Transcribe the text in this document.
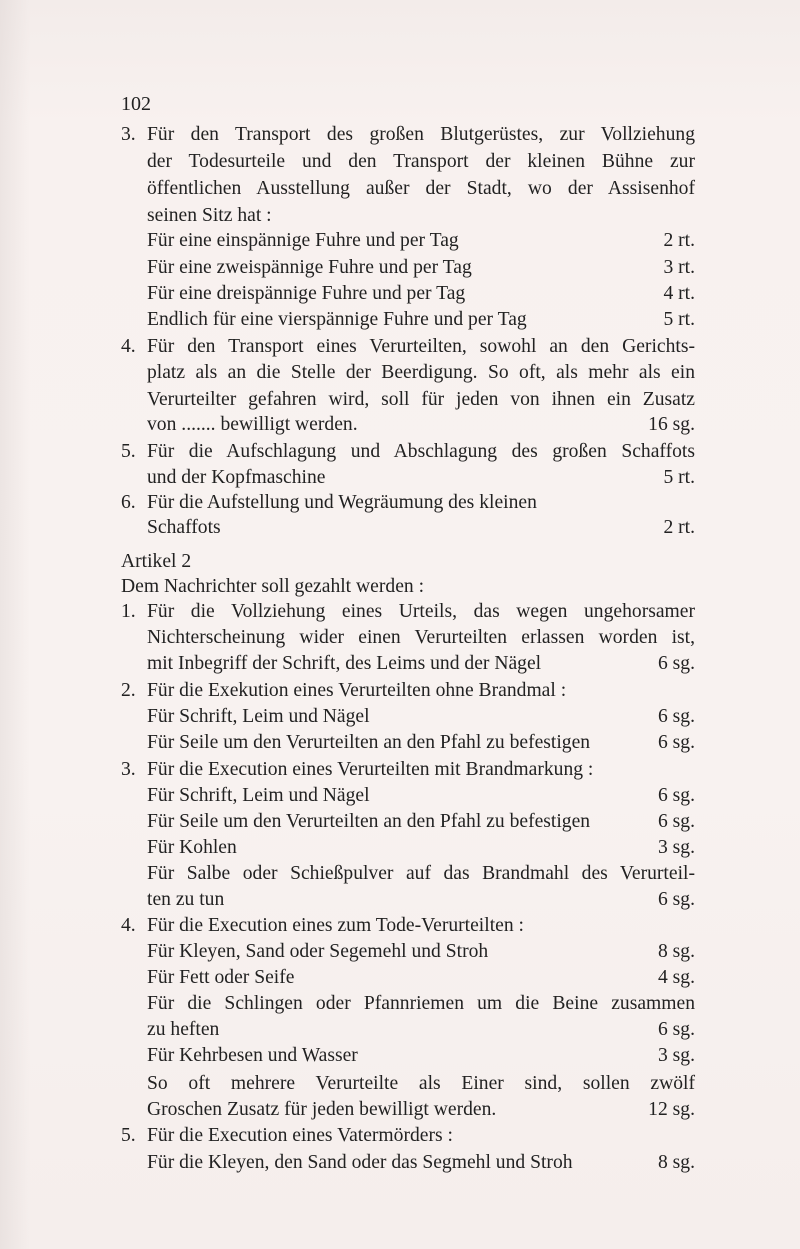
102
3. Für den Transport des großen Blutgerüstes, zur Vollziehung
der Todesurteile und den Transport der kleinen Bühne zur
öffentlichen Ausstellung außer der Stadt, wo der Assisenhof
seinen Sitz hat :
Für eine einspännige Fuhre und per Tag	2 rt.
Für eine zweispännige Fuhre und per Tag	3 rt.
Für eine dreispännige Fuhre und per Tag	4 rt.
Endlich für eine vierspännige Fuhre und per Tag	5 rt.
4. Für den Transport eines Verurteilten, sowohl an den Gerichts-
platz als an die Stelle der Beerdigung. So oft, als mehr als ein
Verurteilter gefahren wird, soll für jeden von ihnen ein Zusatz
von ....... bewilligt werden.	16 sg.
5. Für die Aufschlagung und Abschlagung des großen Schaffots
und der Kopfmaschine	5 rt.
6. Für die Aufstellung und Wegräumung des kleinen
Schaffots	2 rt.
Artikel 2
Dem Nachrichter soll gezahlt werden :
1. Für die Vollziehung eines Urteils, das wegen ungehorsamer
Nichterscheinung wider einen Verurteilten erlassen worden ist,
mit Inbegriff der Schrift, des Leims und der Nägel	6 sg.
2. Für die Exekution eines Verurteilten ohne Brandmal :
Für Schrift, Leim und Nägel	6 sg.
Für Seile um den Verurteilten an den Pfahl zu befestigen	6 sg.
3. Für die Execution eines Verurteilten mit Brandmarkung :
Für Schrift, Leim und Nägel	6 sg.
Für Seile um den Verurteilten an den Pfahl zu befestigen	6 sg.
Für Kohlen	3 sg.
Für Salbe oder Schießpulver auf das Brandmahl des Verurteil-
ten zu tun	6 sg.
4. Für die Execution eines zum Tode-Verurteilten :
Für Kleyen, Sand oder Segemehl und Stroh	8 sg.
Für Fett oder Seife	4 sg.
Für die Schlingen oder Pfannriemen um die Beine zusammen
zu heften	6 sg.
Für Kehrbesen und Wasser	3 sg.
So oft mehrere Verurteilte als Einer sind, sollen zwölf
Groschen Zusatz für jeden bewilligt werden.	12 sg.
5. Für die Execution eines Vatermörders :
Für die Kleyen, den Sand oder das Segmehl und Stroh	8 sg.
